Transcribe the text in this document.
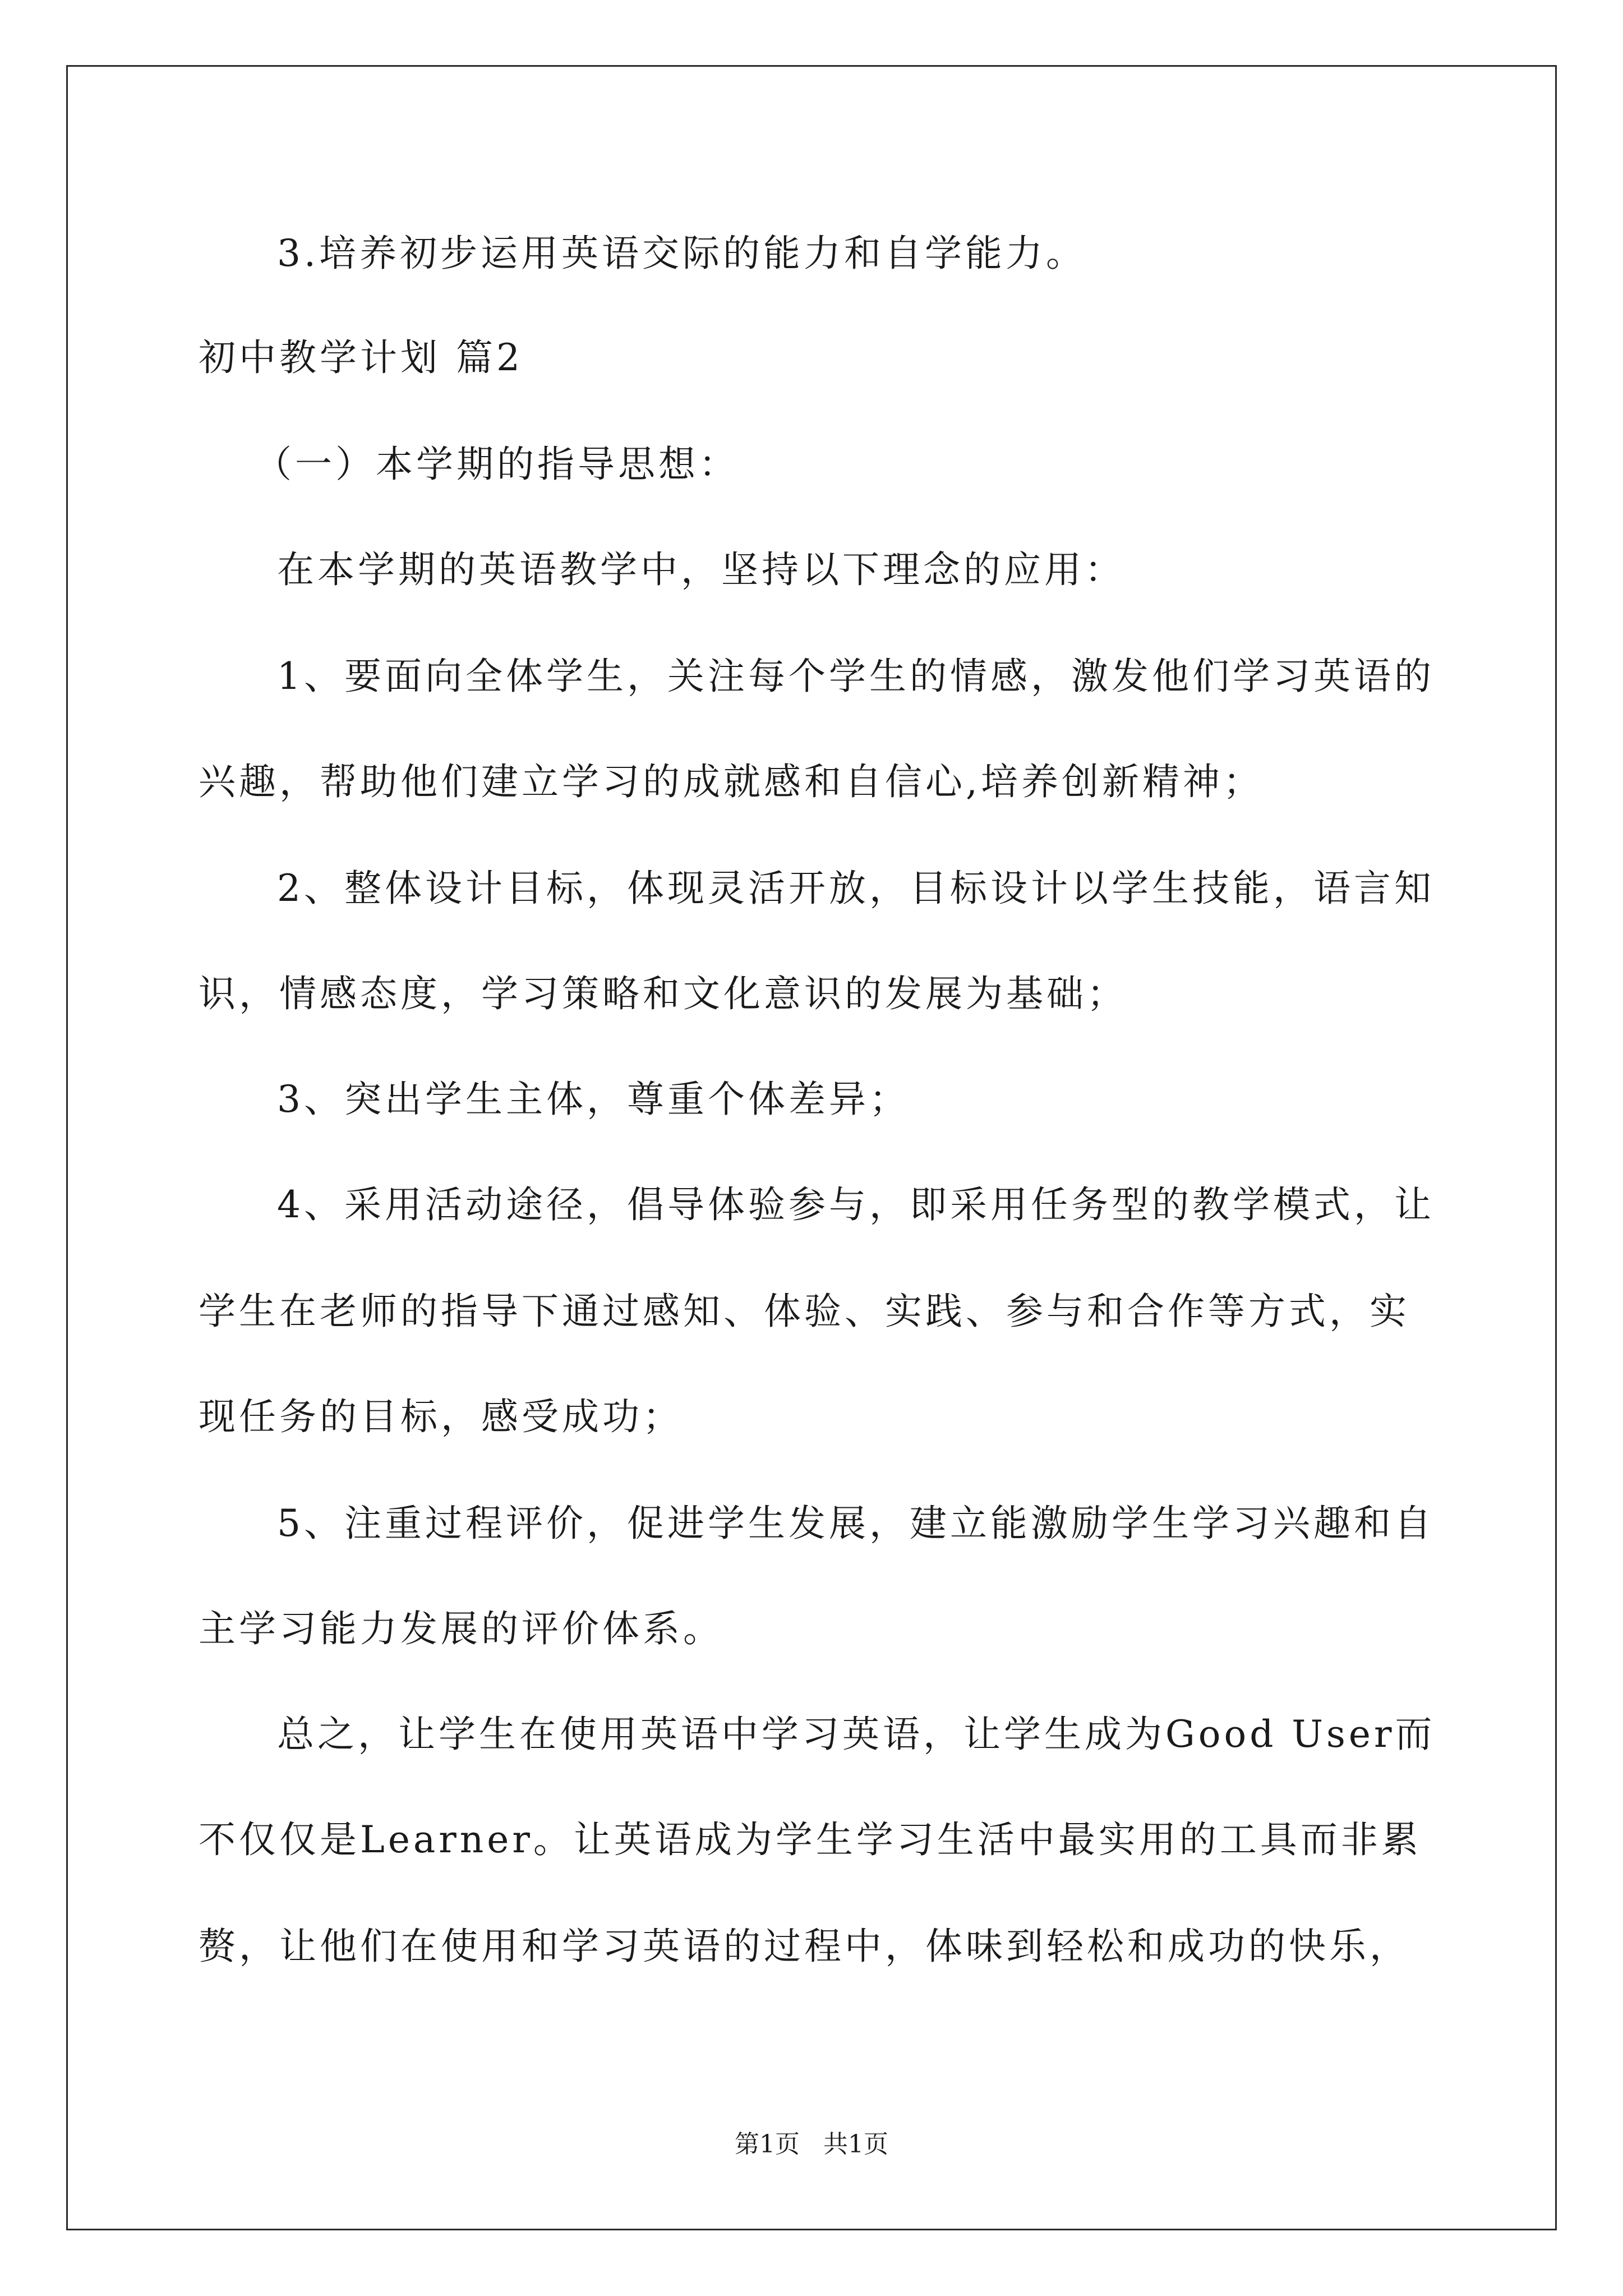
3.培养初步运用英语交际的能力和自学能力。
初中教学计划 篇2
（一）本学期的指导思想：
在本学期的英语教学中，坚持以下理念的应用：
1、要面向全体学生，关注每个学生的情感，激发他们学习英语的
兴趣，帮助他们建立学习的成就感和自信心,培养创新精神；
2、整体设计目标，体现灵活开放，目标设计以学生技能，语言知
识，情感态度，学习策略和文化意识的发展为基础；
3、突出学生主体，尊重个体差异；
4、采用活动途径，倡导体验参与，即采用任务型的教学模式，让
学生在老师的指导下通过感知、体验、实践、参与和合作等方式，实
现任务的目标，感受成功；
5、注重过程评价，促进学生发展，建立能激励学生学习兴趣和自
主学习能力发展的评价体系。
总之，让学生在使用英语中学习英语，让学生成为Good User而
不仅仅是Learner。让英语成为学生学习生活中最实用的工具而非累
赘，让他们在使用和学习英语的过程中，体味到轻松和成功的快乐，
第1页   共1页
